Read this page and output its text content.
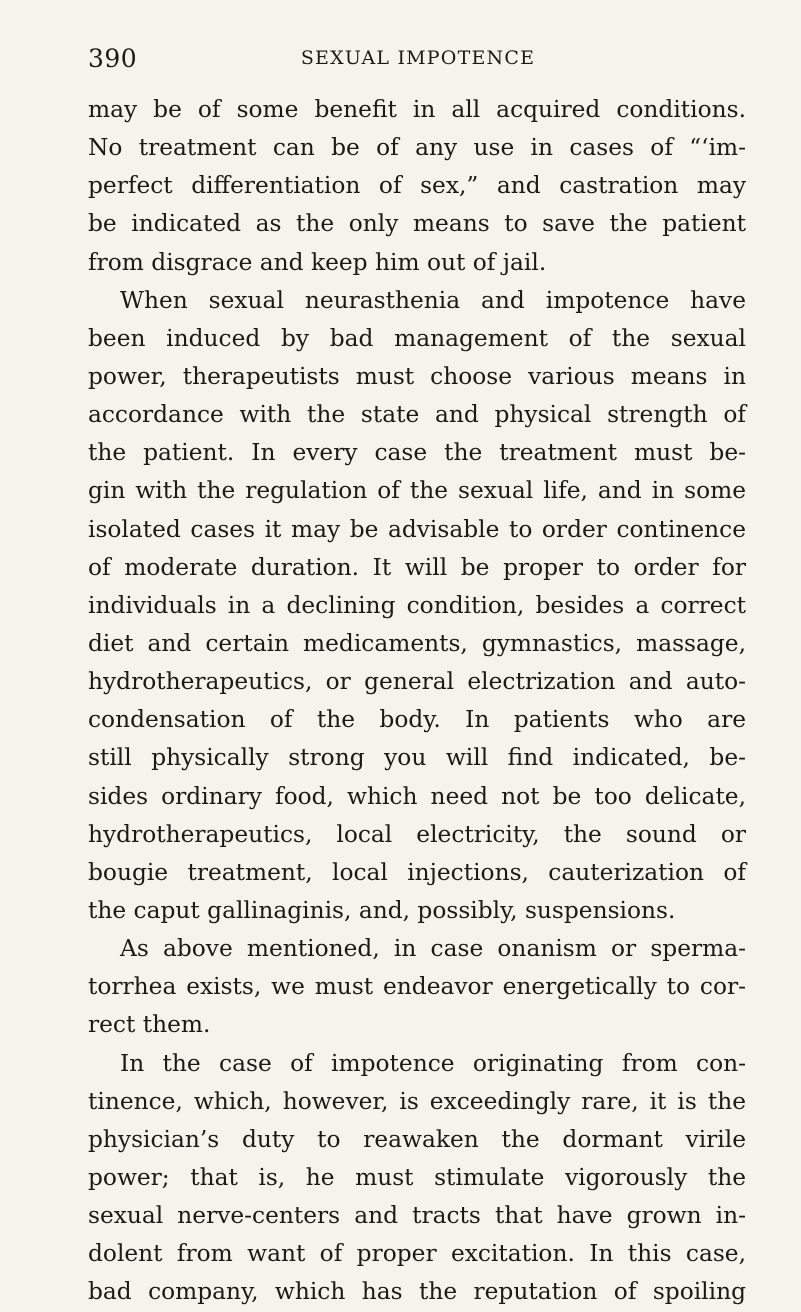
390	SEXUAL IMPOTENCE
may be of some benefit in all acquired conditions.
No treatment can be of any use in cases of “‘im-
perfect differentiation of sex,” and castration may
be indicated as the only means to save the patient
from disgrace and keep him out of jail.
When sexual neurasthenia and impotence have
been induced by bad management of the sexual
power, therapeutists must choose various means in
accordance with the state and physical strength of
the patient. In every case the treatment must be-
gin with the regulation of the sexual life, and in some
isolated cases it may be advisable to order continence
of moderate duration. It will be proper to order for
individuals in a declining condition, besides a correct
diet and certain medicaments, gymnastics, massage,
hydrotherapeutics, or general electrization and auto-
condensation of the body. In patients who are
still physically strong you will find indicated, be-
sides ordinary food, which need not be too delicate,
hydrotherapeutics, local electricity, the sound or
bougie treatment, local injections, cauterization of
the caput gallinaginis, and, possibly, suspensions.
As above mentioned, in case onanism or sperma-
torrhea exists, we must endeavor energetically to cor-
rect them.
In the case of impotence originating from con-
tinence, which, however, is exceedingly rare, it is the
physician’s duty to reawaken the dormant virile
power; that is, he must stimulate vigorously the
sexual nerve-centers and tracts that have grown in-
dolent from want of proper excitation. In this case,
bad company, which has the reputation of spoiling
